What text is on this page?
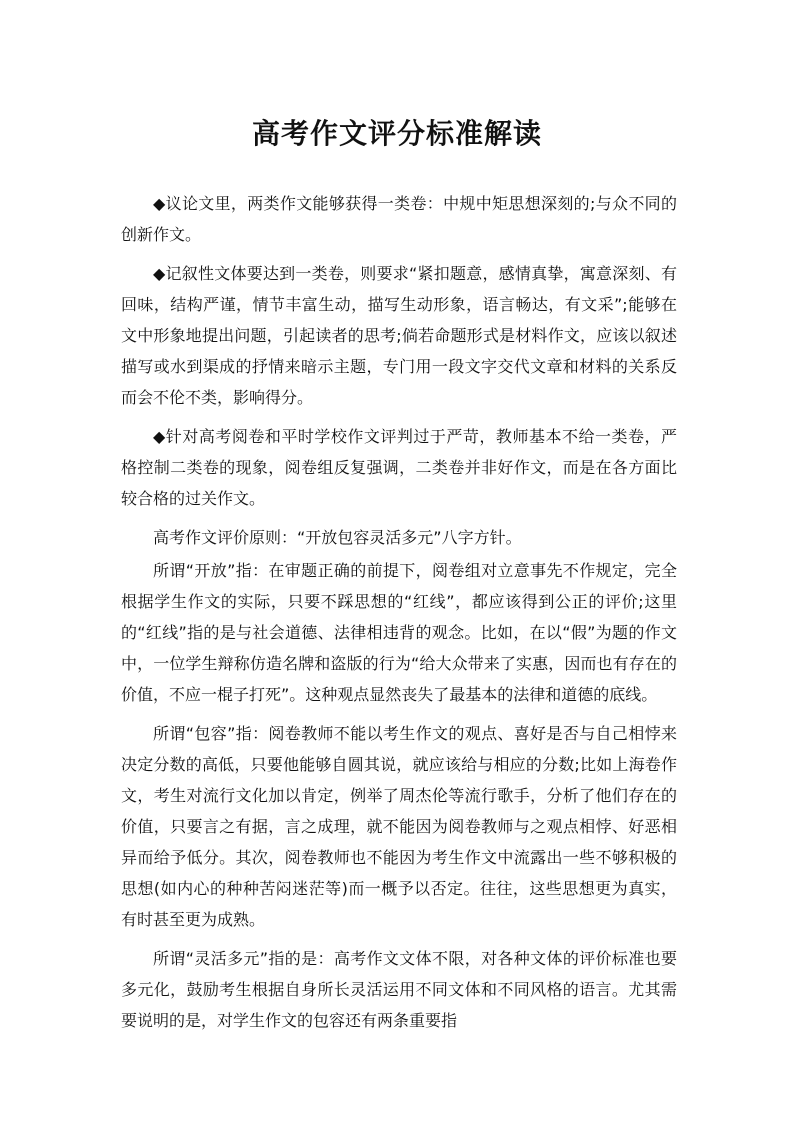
高考作文评分标准解读

◆议论文里，两类作文能够获得一类卷：中规中矩思想深刻的;与众不同的创新作文。

◆记叙性文体要达到一类卷，则要求“紧扣题意，感情真挚，寓意深刻、有回味，结构严谨，情节丰富生动，描写生动形象，语言畅达，有文采”;能够在文中形象地提出问题，引起读者的思考;倘若命题形式是材料作文，应该以叙述描写或水到渠成的抒情来暗示主题，专门用一段文字交代文章和材料的关系反而会不伦不类，影响得分。

◆针对高考阅卷和平时学校作文评判过于严苛，教师基本不给一类卷，严格控制二类卷的现象，阅卷组反复强调，二类卷并非好作文，而是在各方面比较合格的过关作文。

高考作文评价原则：“开放包容灵活多元”八字方针。

所谓“开放”指：在审题正确的前提下，阅卷组对立意事先不作规定，完全根据学生作文的实际，只要不踩思想的“红线”，都应该得到公正的评价;这里的“红线”指的是与社会道德、法律相违背的观念。比如，在以“假”为题的作文中，一位学生辩称仿造名牌和盗版的行为“给大众带来了实惠，因而也有存在的价值，不应一棍子打死”。这种观点显然丧失了最基本的法律和道德的底线。

所谓“包容”指：阅卷教师不能以考生作文的观点、喜好是否与自己相悖来决定分数的高低，只要他能够自圆其说，就应该给与相应的分数;比如上海卷作文，考生对流行文化加以肯定，例举了周杰伦等流行歌手，分析了他们存在的价值，只要言之有据，言之成理，就不能因为阅卷教师与之观点相悖、好恶相异而给予低分。其次，阅卷教师也不能因为考生作文中流露出一些不够积极的思想(如内心的种种苦闷迷茫等)而一概予以否定。往往，这些思想更为真实，有时甚至更为成熟。

所谓“灵活多元”指的是：高考作文文体不限，对各种文体的评价标准也要多元化，鼓励考生根据自身所长灵活运用不同文体和不同风格的语言。尤其需要说明的是，对学生作文的包容还有两条重要指
